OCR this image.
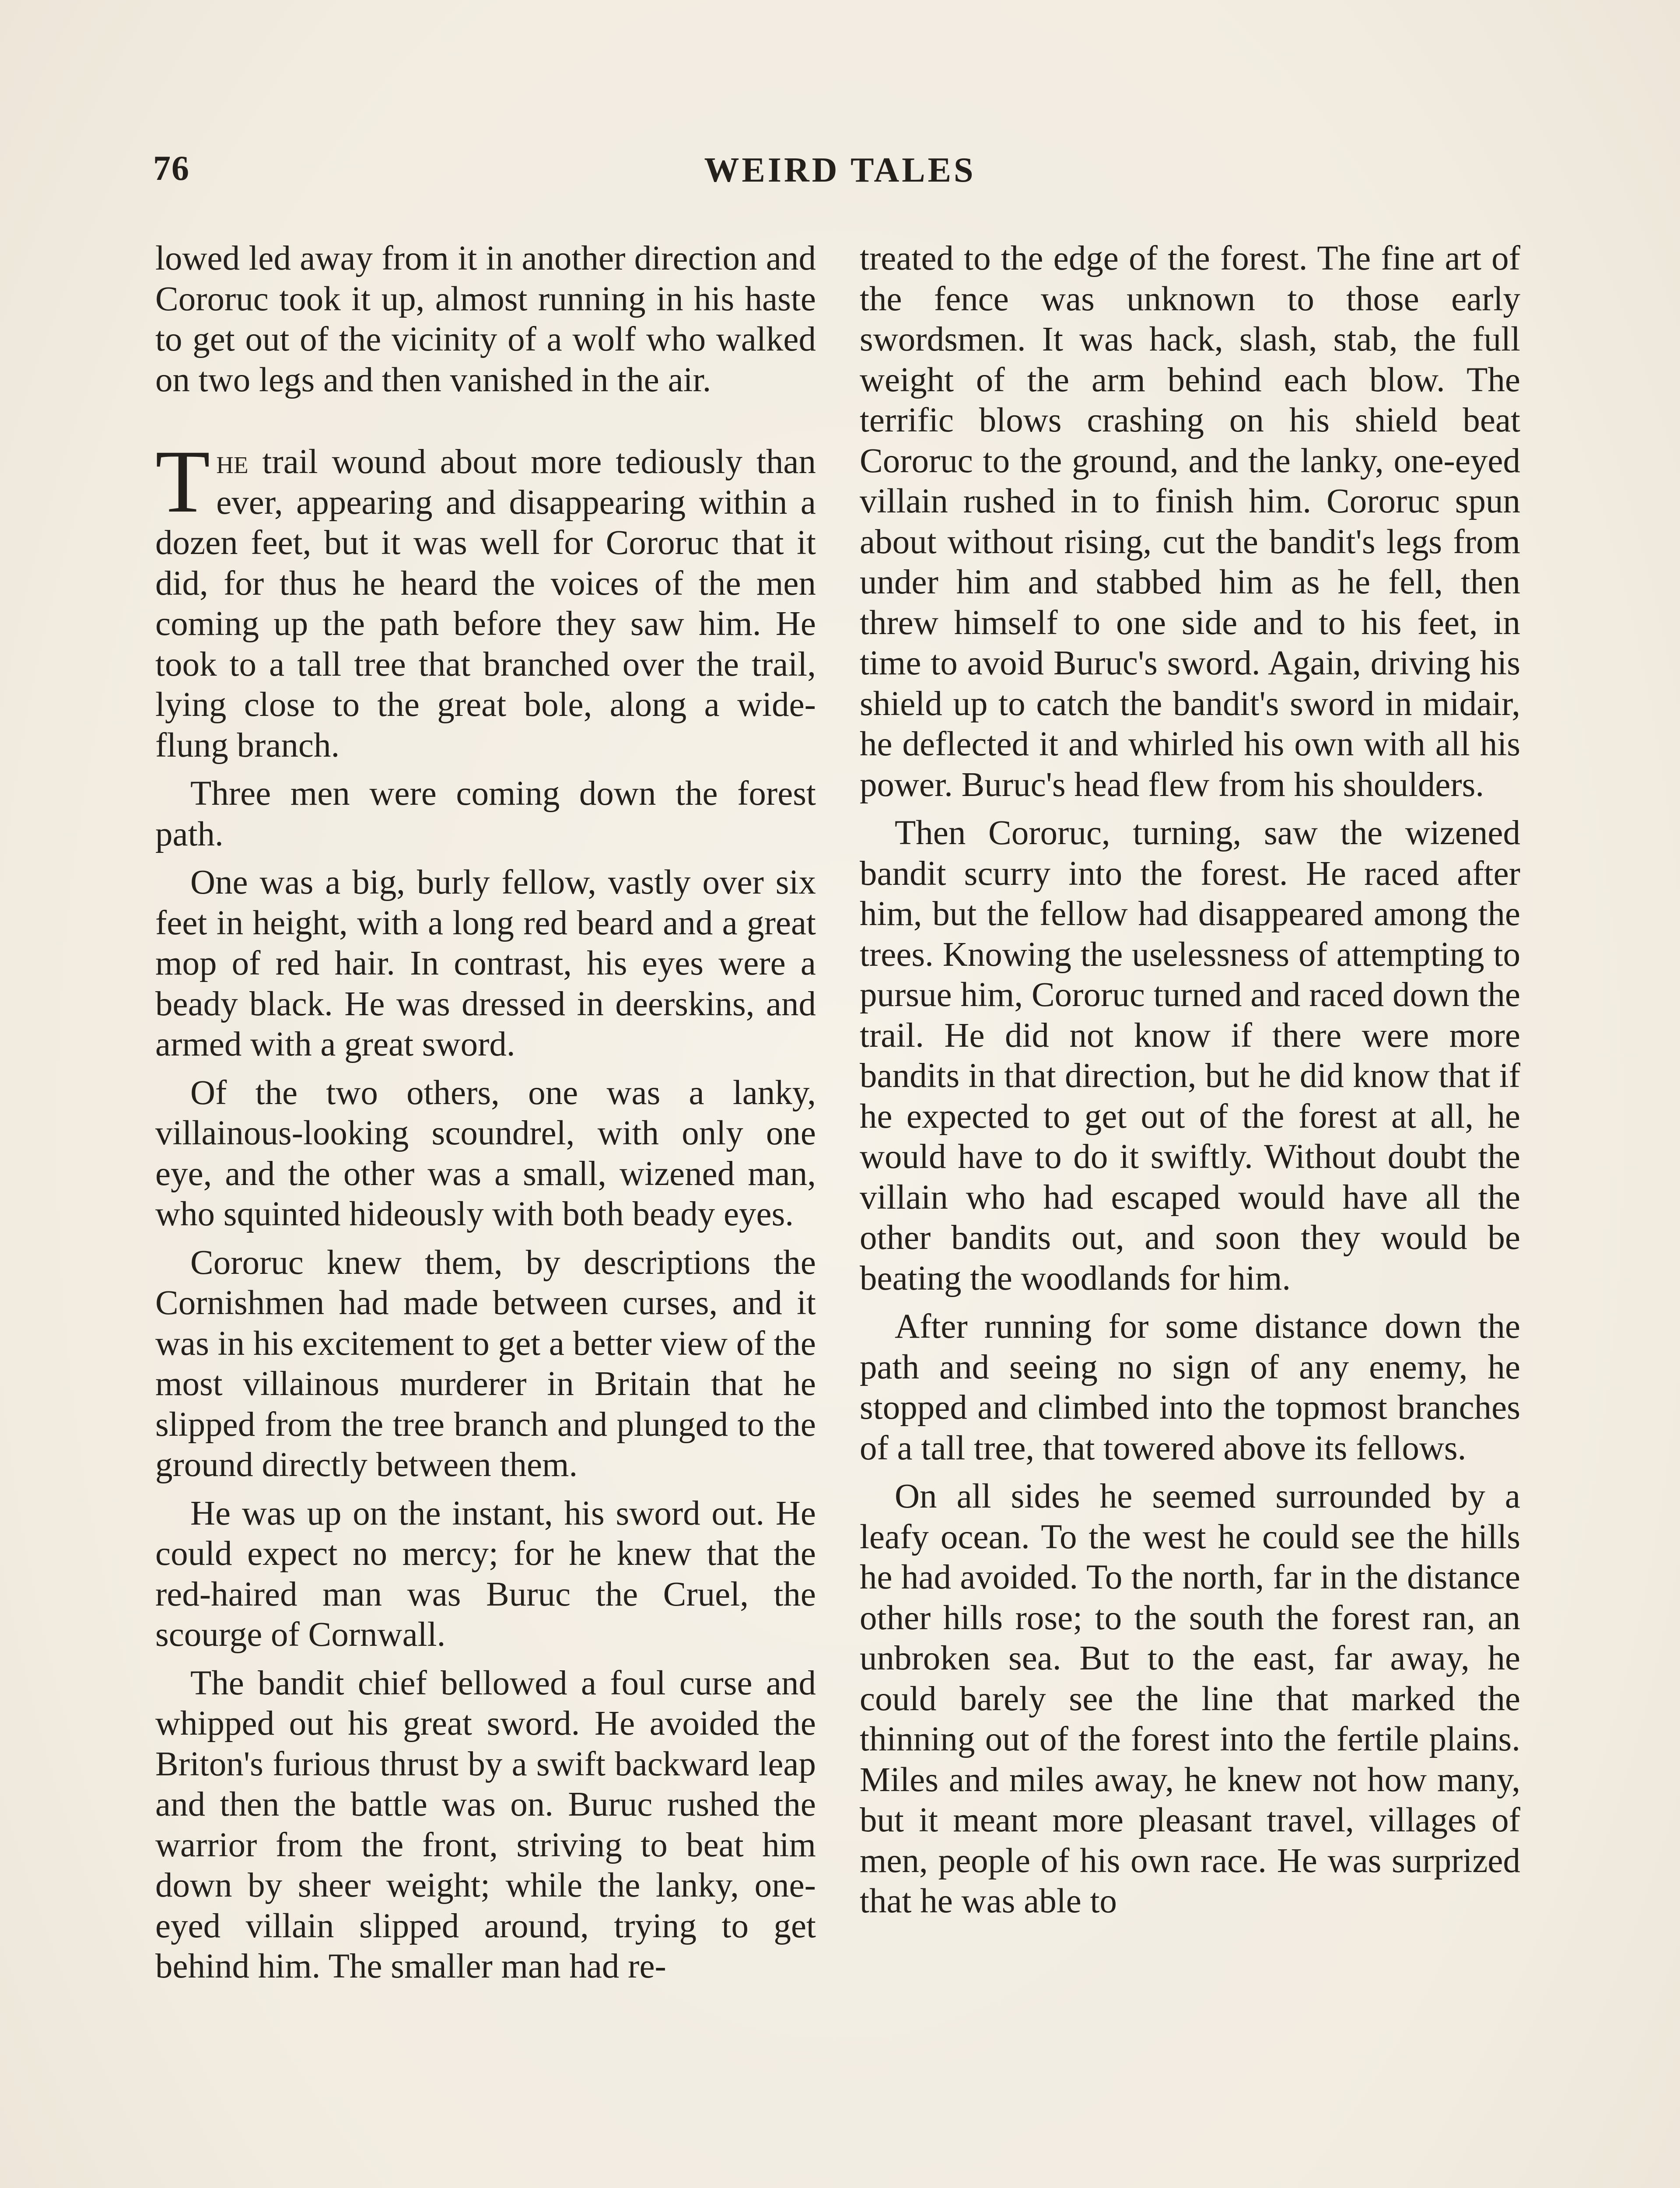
76	WEIRD TALES

lowed led away from it in another direction and Cororuc took it up, almost running in his haste to get out of the vicinity of a wolf who walked on two legs and then vanished in the air.

The trail wound about more tediously than ever, appearing and disappearing within a dozen feet, but it was well for Cororuc that it did, for thus he heard the voices of the men coming up the path before they saw him. He took to a tall tree that branched over the trail, lying close to the great bole, along a wide-flung branch.

Three men were coming down the forest path.

One was a big, burly fellow, vastly over six feet in height, with a long red beard and a great mop of red hair. In contrast, his eyes were a beady black. He was dressed in deerskins, and armed with a great sword.

Of the two others, one was a lanky, villainous-looking scoundrel, with only one eye, and the other was a small, wizened man, who squinted hideously with both beady eyes.

Cororuc knew them, by descriptions the Cornishmen had made between curses, and it was in his excitement to get a better view of the most villainous murderer in Britain that he slipped from the tree branch and plunged to the ground directly between them.

He was up on the instant, his sword out. He could expect no mercy; for he knew that the red-haired man was Buruc the Cruel, the scourge of Cornwall.

The bandit chief bellowed a foul curse and whipped out his great sword. He avoided the Briton's furious thrust by a swift backward leap and then the battle was on. Buruc rushed the warrior from the front, striving to beat him down by sheer weight; while the lanky, one-eyed villain slipped around, trying to get behind him. The smaller man had re-

treated to the edge of the forest. The fine art of the fence was unknown to those early swordsmen. It was hack, slash, stab, the full weight of the arm behind each blow. The terrific blows crashing on his shield beat Cororuc to the ground, and the lanky, one-eyed villain rushed in to finish him. Cororuc spun about without rising, cut the bandit's legs from under him and stabbed him as he fell, then threw himself to one side and to his feet, in time to avoid Buruc's sword. Again, driving his shield up to catch the bandit's sword in midair, he deflected it and whirled his own with all his power. Buruc's head flew from his shoulders.

Then Cororuc, turning, saw the wizened bandit scurry into the forest. He raced after him, but the fellow had disappeared among the trees. Knowing the uselessness of attempting to pursue him, Cororuc turned and raced down the trail. He did not know if there were more bandits in that direction, but he did know that if he expected to get out of the forest at all, he would have to do it swiftly. Without doubt the villain who had escaped would have all the other bandits out, and soon they would be beating the woodlands for him.

After running for some distance down the path and seeing no sign of any enemy, he stopped and climbed into the topmost branches of a tall tree, that towered above its fellows.

On all sides he seemed surrounded by a leafy ocean. To the west he could see the hills he had avoided. To the north, far in the distance other hills rose; to the south the forest ran, an unbroken sea. But to the east, far away, he could barely see the line that marked the thinning out of the forest into the fertile plains. Miles and miles away, he knew not how many, but it meant more pleasant travel, villages of men, people of his own race. He was surprized that he was able to
